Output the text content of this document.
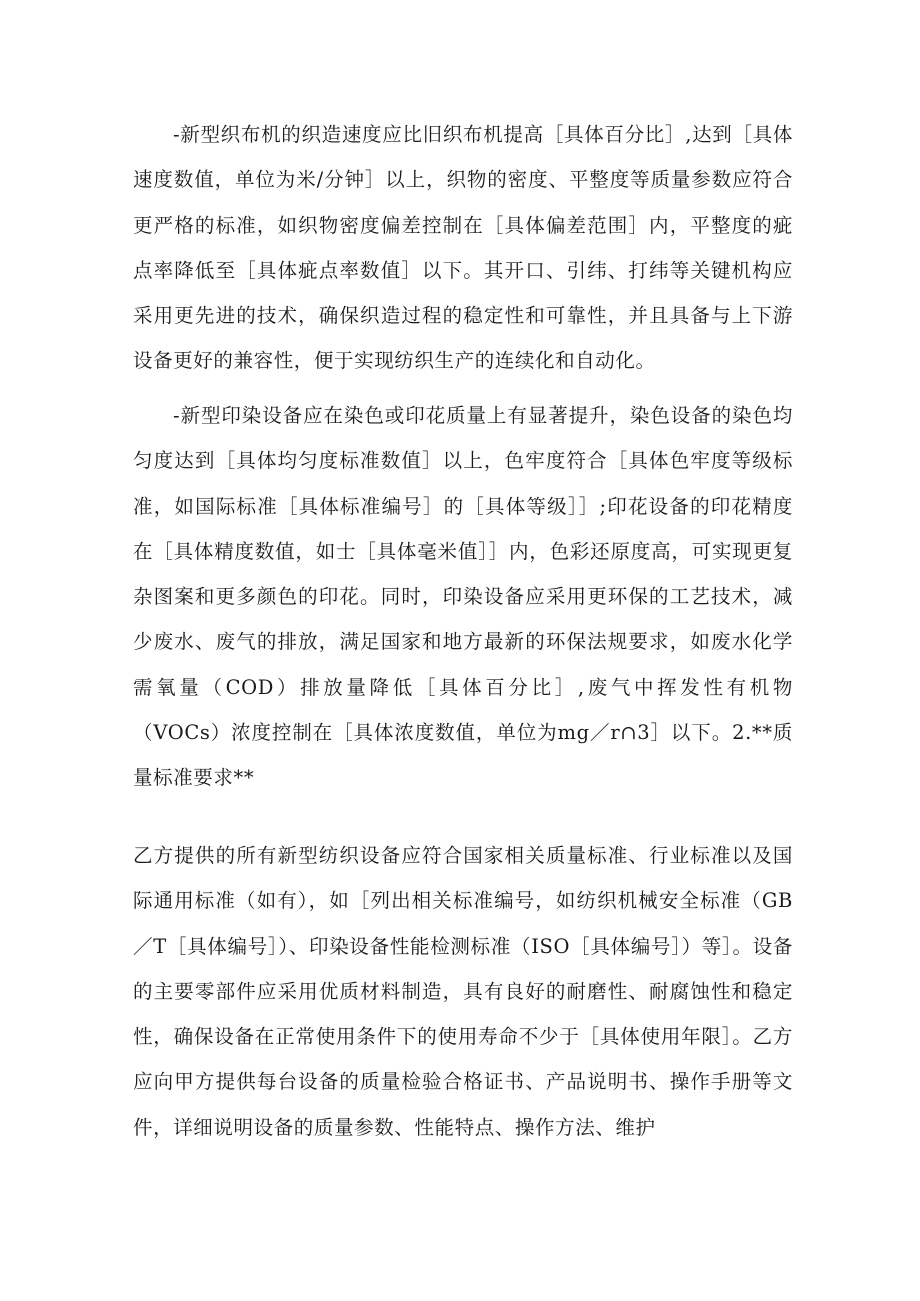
-新型织布机的织造速度应比旧织布机提高［具体百分比］,达到［具体速度数值，单位为米/分钟］以上，织物的密度、平整度等质量参数应符合更严格的标准，如织物密度偏差控制在［具体偏差范围］内，平整度的疵点率降低至［具体疵点率数值］以下。其开口、引纬、打纬等关键机构应采用更先进的技术，确保织造过程的稳定性和可靠性，并且具备与上下游设备更好的兼容性，便于实现纺织生产的连续化和自动化。

-新型印染设备应在染色或印花质量上有显著提升，染色设备的染色均匀度达到［具体均匀度标准数值］以上，色牢度符合［具体色牢度等级标准，如国际标准［具体标准编号］的［具体等级］］;印花设备的印花精度在［具体精度数值，如士［具体毫米值］］内，色彩还原度高，可实现更复杂图案和更多颜色的印花。同时，印染设备应采用更环保的工艺技术，减少废水、废气的排放，满足国家和地方最新的环保法规要求，如废水化学需氧量（COD）排放量降低［具体百分比］,废气中挥发性有机物（VOCs）浓度控制在［具体浓度数值，单位为mg／r∩3］以下。2.**质量标准要求**

乙方提供的所有新型纺织设备应符合国家相关质量标准、行业标准以及国际通用标准（如有），如［列出相关标准编号，如纺织机械安全标准（GB／T［具体编号］）、印染设备性能检测标准（ISO［具体编号］）等］。设备的主要零部件应采用优质材料制造，具有良好的耐磨性、耐腐蚀性和稳定性，确保设备在正常使用条件下的使用寿命不少于［具体使用年限］。乙方应向甲方提供每台设备的质量检验合格证书、产品说明书、操作手册等文件，详细说明设备的质量参数、性能特点、操作方法、维护
